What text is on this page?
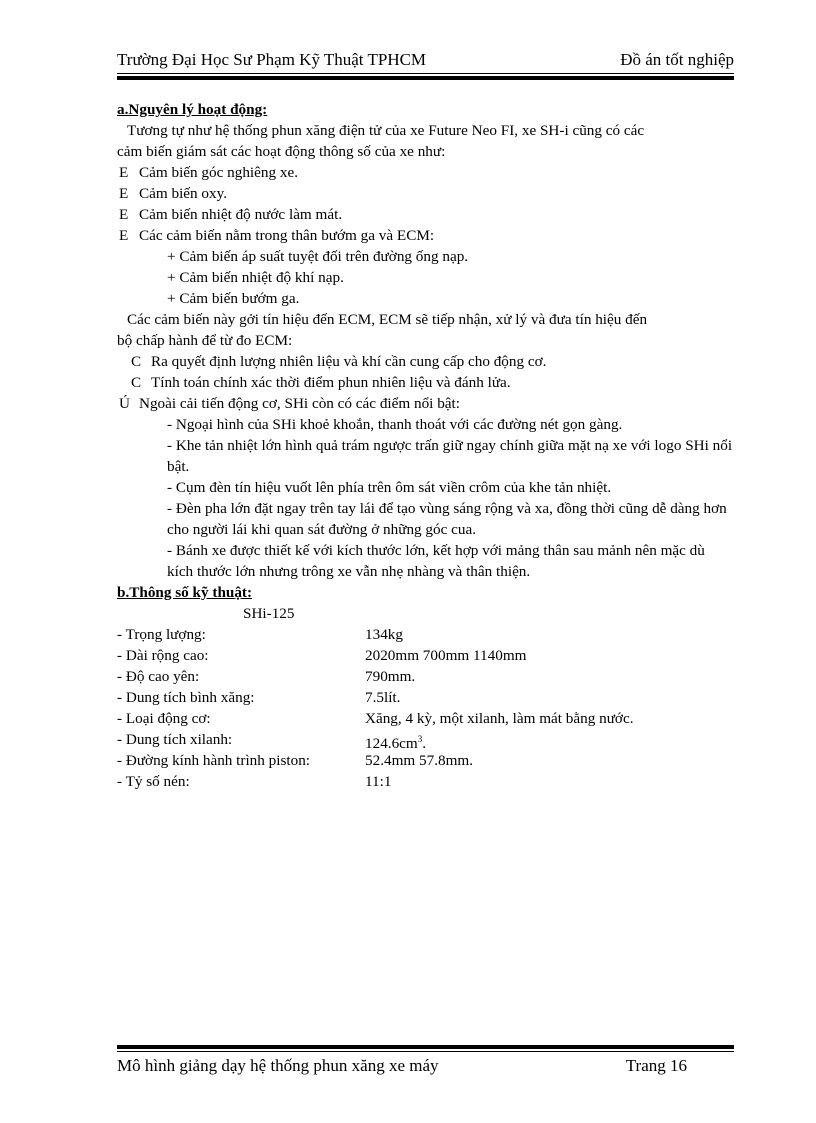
Trường Đại Học Sư Phạm Kỹ Thuật TPHCM	Đồ án tốt nghiệp
a.Nguyên lý hoạt động:
Tương tự như hệ thống phun xăng điện tử của xe Future Neo FI, xe SH-i cũng có các
cảm biến giám sát các hoạt động thông số của xe như:
E Cảm biến góc nghiêng xe.
E Cảm biến oxy.
E Cảm biến nhiệt độ nước làm mát.
E Các cảm biến nằm trong thân bướm ga và ECM:
+ Cảm biến áp suất tuyệt đối trên đường ống nạp.
+ Cảm biến nhiệt độ khí nạp.
+ Cảm biến bướm ga.
Các cảm biến này gởi tín hiệu đến ECM, ECM sẽ tiếp nhận, xử lý và đưa tín hiệu đến
bộ chấp hành để từ đo ECM:
C Ra quyết định lượng nhiên liệu và khí cần cung cấp cho động cơ.
C Tính toán chính xác thời điểm phun nhiên liệu và đánh lửa.
Ú Ngoài cải tiến động cơ, SHi còn có các điểm nổi bật:
- Ngoại hình của SHi khoẻ khoắn, thanh thoát với các đường nét gọn gàng.
- Khe tản nhiệt lớn hình quả trám ngược trấn giữ ngay chính giữa mặt nạ xe với logo SHi nổi bật.
- Cụm đèn tín hiệu vuốt lên phía trên ôm sát viền crôm của khe tản nhiệt.
- Đèn pha lớn đặt ngay trên tay lái để tạo vùng sáng rộng và xa, đồng thời cũng dễ dàng hơn cho người lái khi quan sát đường ở những góc cua.
- Bánh xe được thiết kế với kích thước lớn, kết hợp với mảng thân sau mảnh nên mặc dù kích thước lớn nhưng trông xe vẫn nhẹ nhàng và thân thiện.
b.Thông số kỹ thuật:
SHi-125
- Trọng lượng:	134kg
- Dài rộng cao:	2020mm 700mm 1140mm
- Độ cao yên:	790mm.
- Dung tích bình xăng:	7.5lít.
- Loại động cơ:	Xăng, 4 kỳ, một xilanh, làm mát bằng nước.
- Dung tích xilanh:	$124.6cm^3$.
- Đường kính hành trình piston:	52.4mm 57.8mm.
- Tỷ số nén:	11:1
Mô hình giảng dạy hệ thống phun xăng xe máy	Trang 16
